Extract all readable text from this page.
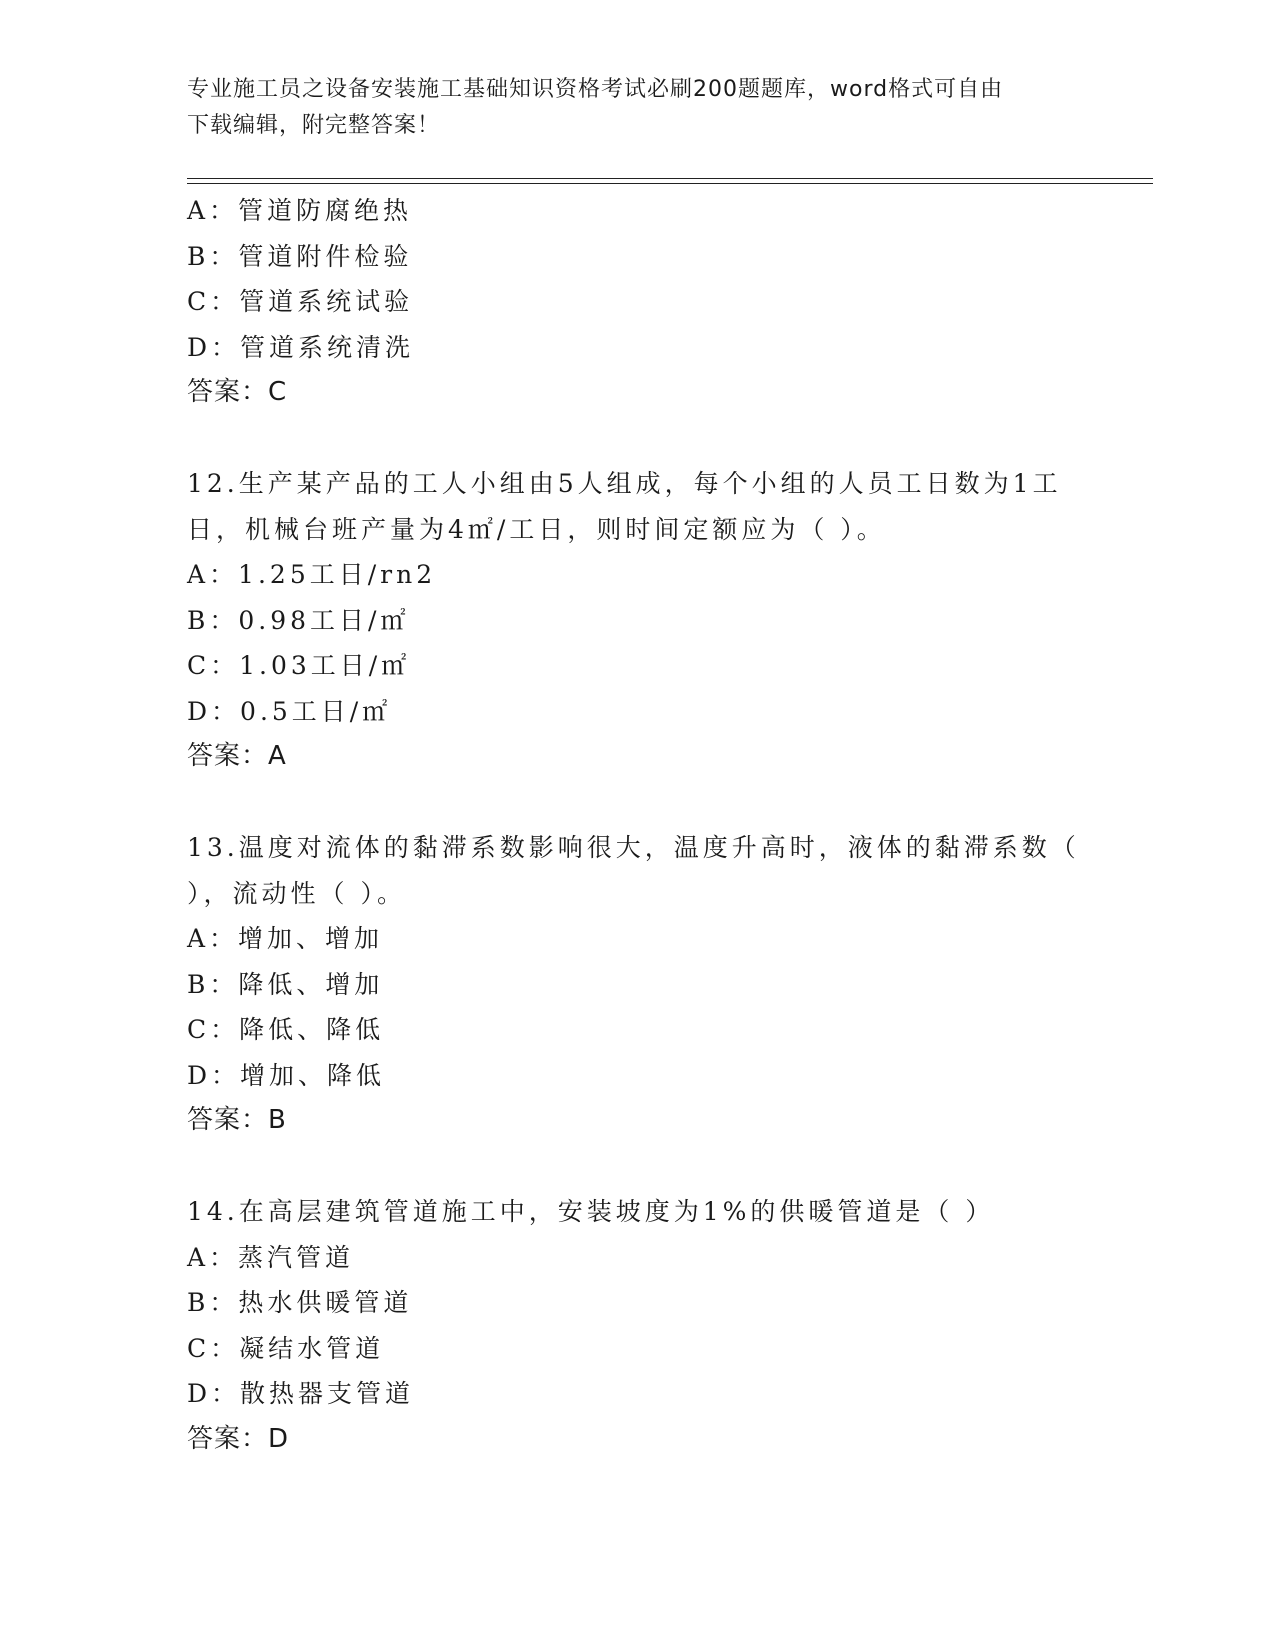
专业施工员之设备安装施工基础知识资格考试必刷200题题库，word格式可自由
下载编辑，附完整答案！
A：管道防腐绝热
B：管道附件检验
C：管道系统试验
D：管道系统清洗
答案：C
12.生产某产品的工人小组由5人组成，每个小组的人员工日数为1工
日，机械台班产量为4㎡/工日，则时间定额应为（ ）。
A：1.25工日/rn2
B：0.98工日/㎡
C：1.03工日/㎡
D：0.5工日/㎡
答案：A
13.温度对流体的黏滞系数影响很大，温度升高时，液体的黏滞系数（
），流动性（ ）。
A：增加、增加
B：降低、增加
C：降低、降低
D：增加、降低
答案：B
14.在高层建筑管道施工中，安装坡度为1%的供暖管道是（ ）
A：蒸汽管道
B：热水供暖管道
C：凝结水管道
D：散热器支管道
答案：D
